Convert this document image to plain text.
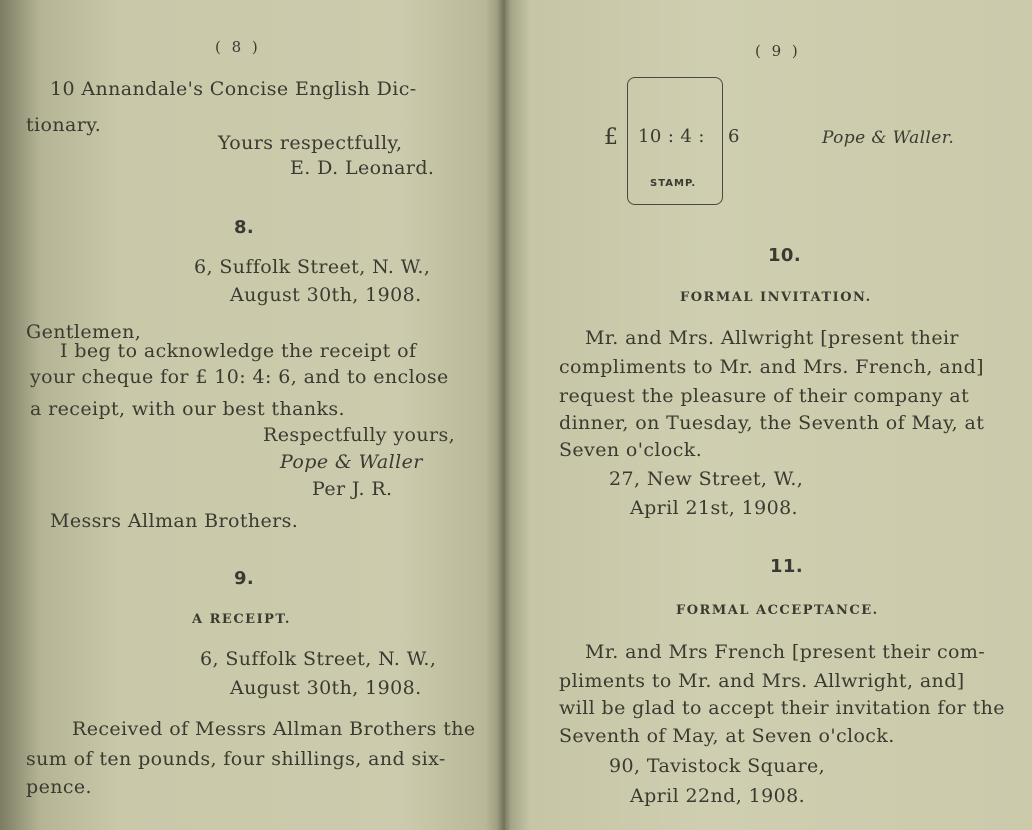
( 8 )
10 Annandale's Concise English Dic-
tionary.
Yours respectfully,
E. D. Leonard.
8.
6, Suffolk Street, N. W.,
August 30th, 1908.
Gentlemen,
I beg to acknowledge the receipt of
your cheque for £ 10: 4: 6, and to enclose
a receipt, with our best thanks.
Respectfully yours,
Pope & Waller
Per J. R.
Messrs Allman Brothers.
9.
A RECEIPT.
6, Suffolk Street, N. W.,
August 30th, 1908.
Received of Messrs Allman Brothers the
sum of ten pounds, four shillings, and six-
pence.
( 9 )
£ 10 : 4 : 6
STAMP.
Pope & Waller.
10.
FORMAL INVITATION.
Mr. and Mrs. Allwright [present their
compliments to Mr. and Mrs. French, and]
request the pleasure of their company at
dinner, on Tuesday, the Seventh of May, at
Seven o'clock.
27, New Street, W.,
April 21st, 1908.
11.
FORMAL ACCEPTANCE.
Mr. and Mrs French [present their com-
pliments to Mr. and Mrs. Allwright, and]
will be glad to accept their invitation for the
Seventh of May, at Seven o'clock.
90, Tavistock Square,
April 22nd, 1908.
